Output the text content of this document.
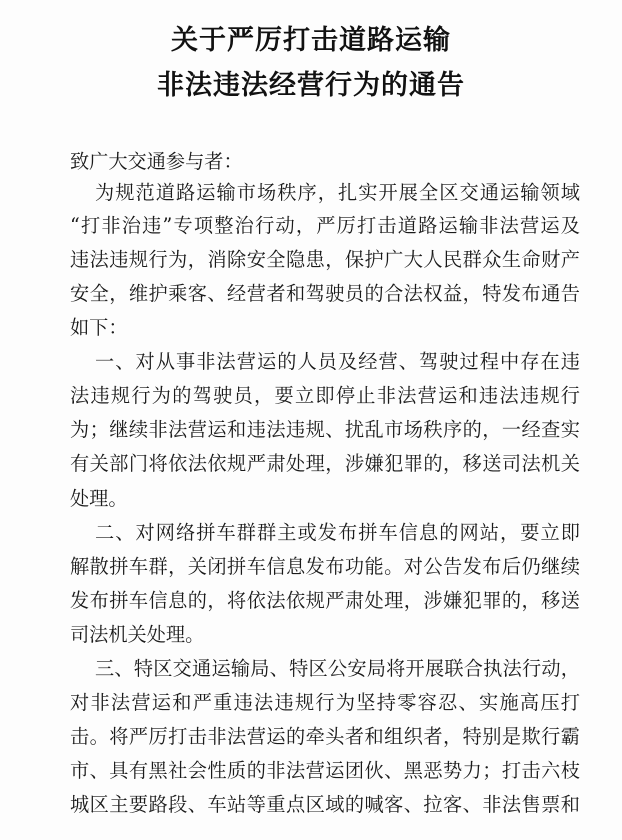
关于严厉打击道路运输
非法违法经营行为的通告
致广大交通参与者：
为规范道路运输市场秩序，扎实开展全区交通运输领域
“打非治违”专项整治行动，严厉打击道路运输非法营运及
违法违规行为，消除安全隐患，保护广大人民群众生命财产
安全，维护乘客、经营者和驾驶员的合法权益，特发布通告
如下：
一、对从事非法营运的人员及经营、驾驶过程中存在违
法违规行为的驾驶员，要立即停止非法营运和违法违规行
为；继续非法营运和违法违规、扰乱市场秩序的，一经查实
有关部门将依法依规严肃处理，涉嫌犯罪的，移送司法机关
处理。
二、对网络拼车群群主或发布拼车信息的网站，要立即
解散拼车群，关闭拼车信息发布功能。对公告发布后仍继续
发布拼车信息的，将依法依规严肃处理，涉嫌犯罪的，移送
司法机关处理。
三、特区交通运输局、特区公安局将开展联合执法行动，
对非法营运和严重违法违规行为坚持零容忍、实施高压打
击。将严厉打击非法营运的牵头者和组织者，特别是欺行霸
市、具有黑社会性质的非法营运团伙、黑恶势力；打击六枝
城区主要路段、车站等重点区域的喊客、拉客、非法售票和
